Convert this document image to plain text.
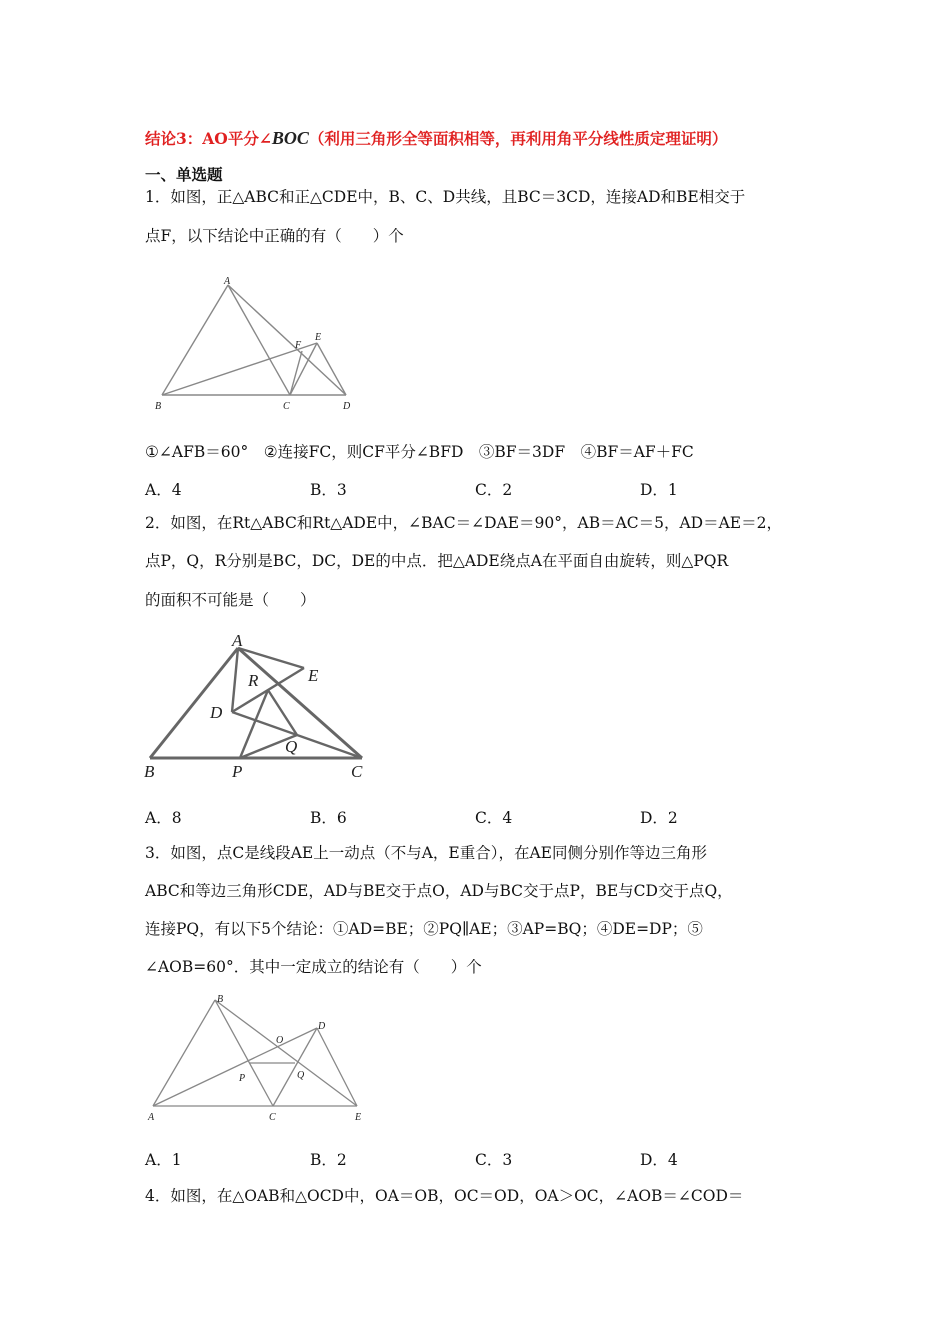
结论3：AO平分∠BOC（利用三角形全等面积相等，再利用角平分线性质定理证明）
一、单选题
1．如图，正△ABC和正△CDE中，B、C、D共线，且BC＝3CD，连接AD和BE相交于
点F，以下结论中正确的有（　　）个
A
B	C	D
E
F
①∠AFB＝60°　②连接FC，则CF平分∠BFD　③BF＝3DF　④BF＝AF＋FC
A．4	B．3	C．2	D．1
2．如图，在Rt△ABC和Rt△ADE中，∠BAC＝∠DAE＝90°，AB＝AC＝5，AD＝AE＝2，
点P，Q，R分别是BC，DC，DE的中点．把△ADE绕点A在平面自由旋转，则△PQR
的面积不可能是（　　）
A
E
R
D
Q
B	P	C
A．8	B．6	C．4	D．2
3．如图，点C是线段AE上一动点（不与A，E重合），在AE同侧分别作等边三角形
ABC和等边三角形CDE，AD与BE交于点O，AD与BC交于点P，BE与CD交于点Q，
连接PQ，有以下5个结论：①AD=BE；②PQ∥AE；③AP=BQ；④DE=DP；⑤
∠AOB=60°．其中一定成立的结论有（　　）个
B
D
O
P	Q
A	C	E
A．1	B．2	C．3	D．4
4．如图，在△OAB和△OCD中，OA＝OB，OC＝OD，OA＞OC，∠AOB＝∠COD＝
